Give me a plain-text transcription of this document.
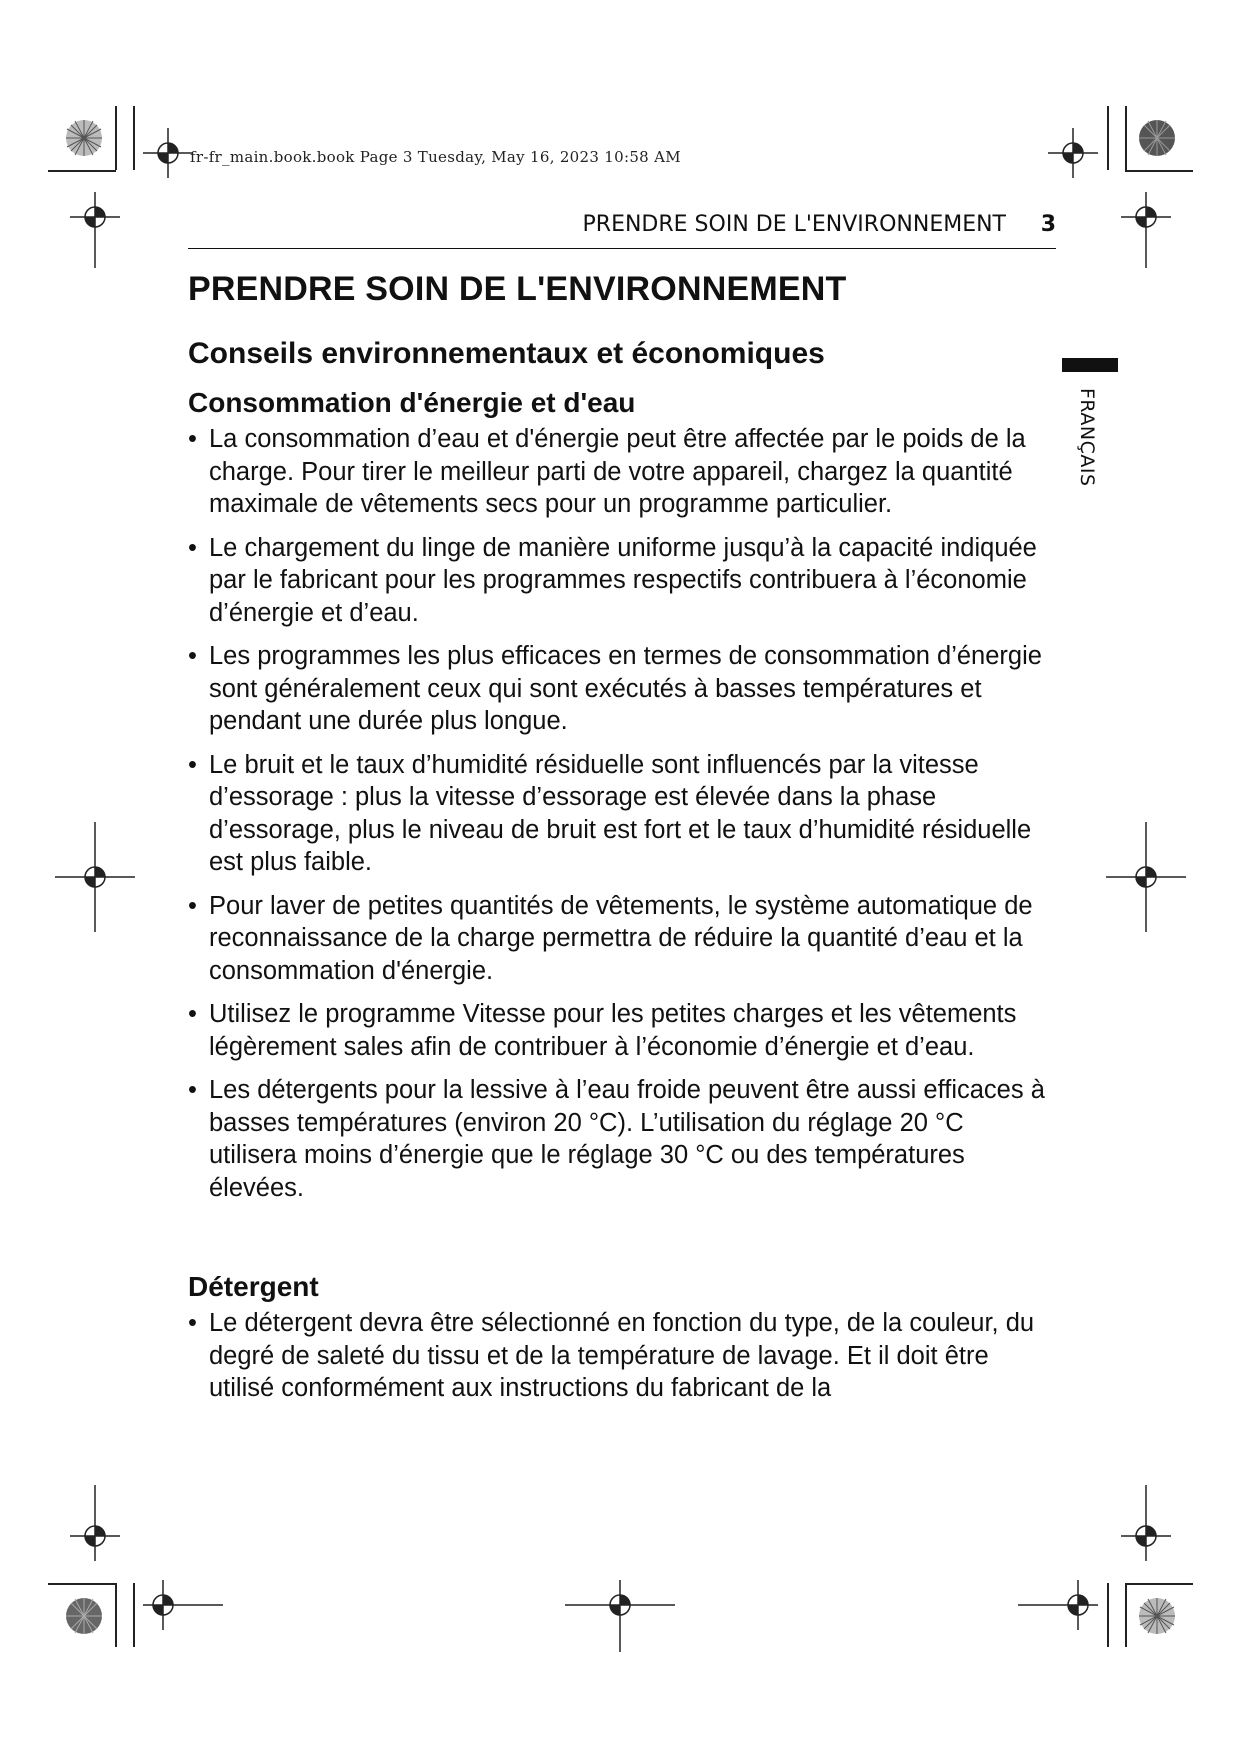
fr-fr_main.book.book Page 3 Tuesday, May 16, 2023 10:58 AM
PRENDRE SOIN DE L'ENVIRONNEMENT 3
FRANÇAIS
PRENDRE SOIN DE L'ENVIRONNEMENT
Conseils environnementaux et économiques
Consommation d'énergie et d'eau
• La consommation d’eau et d'énergie peut être affectée par le poids de la charge. Pour tirer le meilleur parti de votre appareil, chargez la quantité maximale de vêtements secs pour un programme particulier.
• Le chargement du linge de manière uniforme jusqu’à la capacité indiquée par le fabricant pour les programmes respectifs contribuera à l’économie d’énergie et d’eau.
• Les programmes les plus efficaces en termes de consommation d’énergie sont généralement ceux qui sont exécutés à basses températures et pendant une durée plus longue.
• Le bruit et le taux d’humidité résiduelle sont influencés par la vitesse d’essorage : plus la vitesse d’essorage est élevée dans la phase d’essorage, plus le niveau de bruit est fort et le taux d’humidité résiduelle est plus faible.
• Pour laver de petites quantités de vêtements, le système automatique de reconnaissance de la charge permettra de réduire la quantité d’eau et la consommation d'énergie.
• Utilisez le programme Vitesse pour les petites charges et les vêtements légèrement sales afin de contribuer à l’économie d’énergie et d’eau.
• Les détergents pour la lessive à l’eau froide peuvent être aussi efficaces à basses températures (environ 20 °C). L’utilisation du réglage 20 °C utilisera moins d’énergie que le réglage 30 °C ou des températures élevées.
Détergent
• Le détergent devra être sélectionné en fonction du type, de la couleur, du degré de saleté du tissu et de la température de lavage. Et il doit être utilisé conformément aux instructions du fabricant de la
